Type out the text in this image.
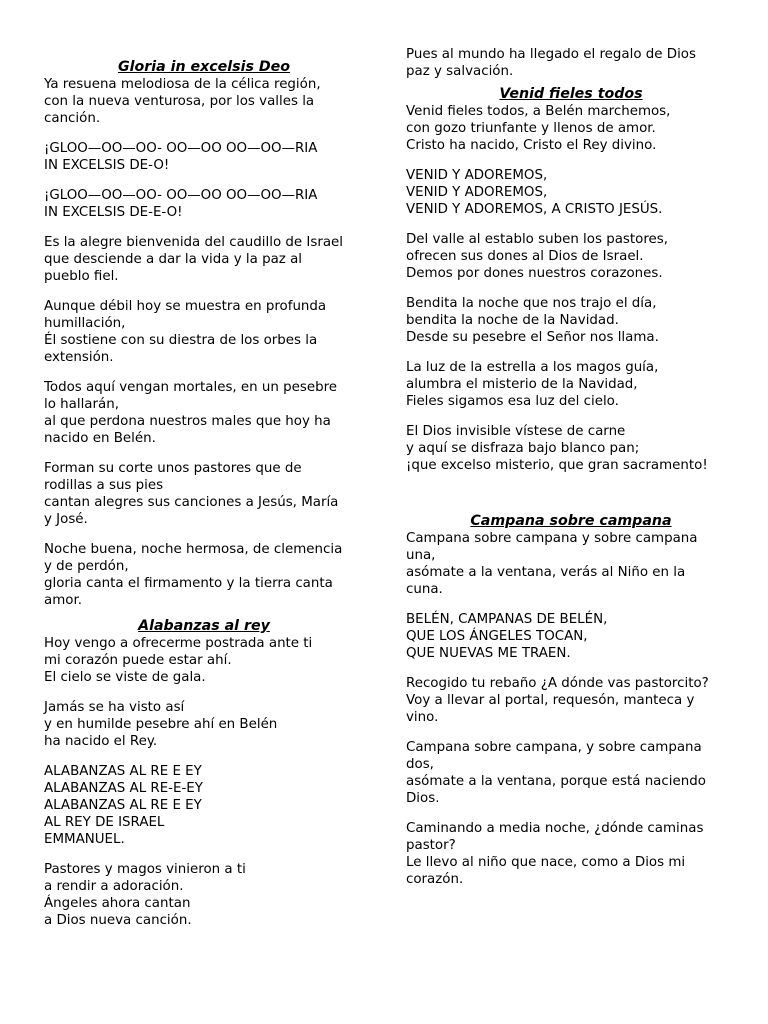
Gloria in excelsis Deo

Ya resuena melodiosa de la célica región,
con la nueva venturosa, por los valles la
canción.

¡GLOO—OO—OO- OO—OO OO—OO—RIA
IN EXCELSIS DE-O!

¡GLOO—OO—OO- OO—OO OO—OO—RIA
IN EXCELSIS DE-E-O!

Es la alegre bienvenida del caudillo de Israel
que desciende a dar la vida y la paz al
pueblo fiel.

Aunque débil hoy se muestra en profunda
humillación,
Él sostiene con su diestra de los orbes la
extensión.

Todos aquí vengan mortales, en un pesebre
lo hallarán,
al que perdona nuestros males que hoy ha
nacido en Belén.

Forman su corte unos pastores que de
rodillas a sus pies
cantan alegres sus canciones a Jesús, María
y José.

Noche buena, noche hermosa, de clemencia
y de perdón,
gloria canta el firmamento y la tierra canta
amor.

Alabanzas al rey

Hoy vengo a ofrecerme postrada ante ti
mi corazón puede estar ahí.
El cielo se viste de gala.

Jamás se ha visto así
y en humilde pesebre ahí en Belén
ha nacido el Rey.

ALABANZAS AL RE E EY
ALABANZAS AL RE-E-EY
ALABANZAS AL RE E EY
AL REY DE ISRAEL
EMMANUEL.

Pastores y magos vinieron a ti
a rendir a adoración.
Ángeles ahora cantan
a Dios nueva canción.

Pues al mundo ha llegado el regalo de Dios
paz y salvación.

Venid fieles todos

Venid fieles todos, a Belén marchemos,
con gozo triunfante y llenos de amor.
Cristo ha nacido, Cristo el Rey divino.

VENID Y ADOREMOS,
VENID Y ADOREMOS,
VENID Y ADOREMOS, A CRISTO JESÚS.

Del valle al establo suben los pastores,
ofrecen sus dones al Dios de Israel.
Demos por dones nuestros corazones.

Bendita la noche que nos trajo el día,
bendita la noche de la Navidad.
Desde su pesebre el Señor nos llama.

La luz de la estrella a los magos guía,
alumbra el misterio de la Navidad,
Fieles sigamos esa luz del cielo.

El Dios invisible vístese de carne
y aquí se disfraza bajo blanco pan;
¡que excelso misterio, que gran sacramento!

Campana sobre campana

Campana sobre campana y sobre campana
una,
asómate a la ventana, verás al Niño en la
cuna.

BELÉN, CAMPANAS DE BELÉN,
QUE LOS ÁNGELES TOCAN,
QUE NUEVAS ME TRAEN.

Recogido tu rebaño ¿A dónde vas pastorcito?
Voy a llevar al portal, requesón, manteca y
vino.

Campana sobre campana, y sobre campana
dos,
asómate a la ventana, porque está naciendo
Dios.

Caminando a media noche, ¿dónde caminas
pastor?
Le llevo al niño que nace, como a Dios mi
corazón.
